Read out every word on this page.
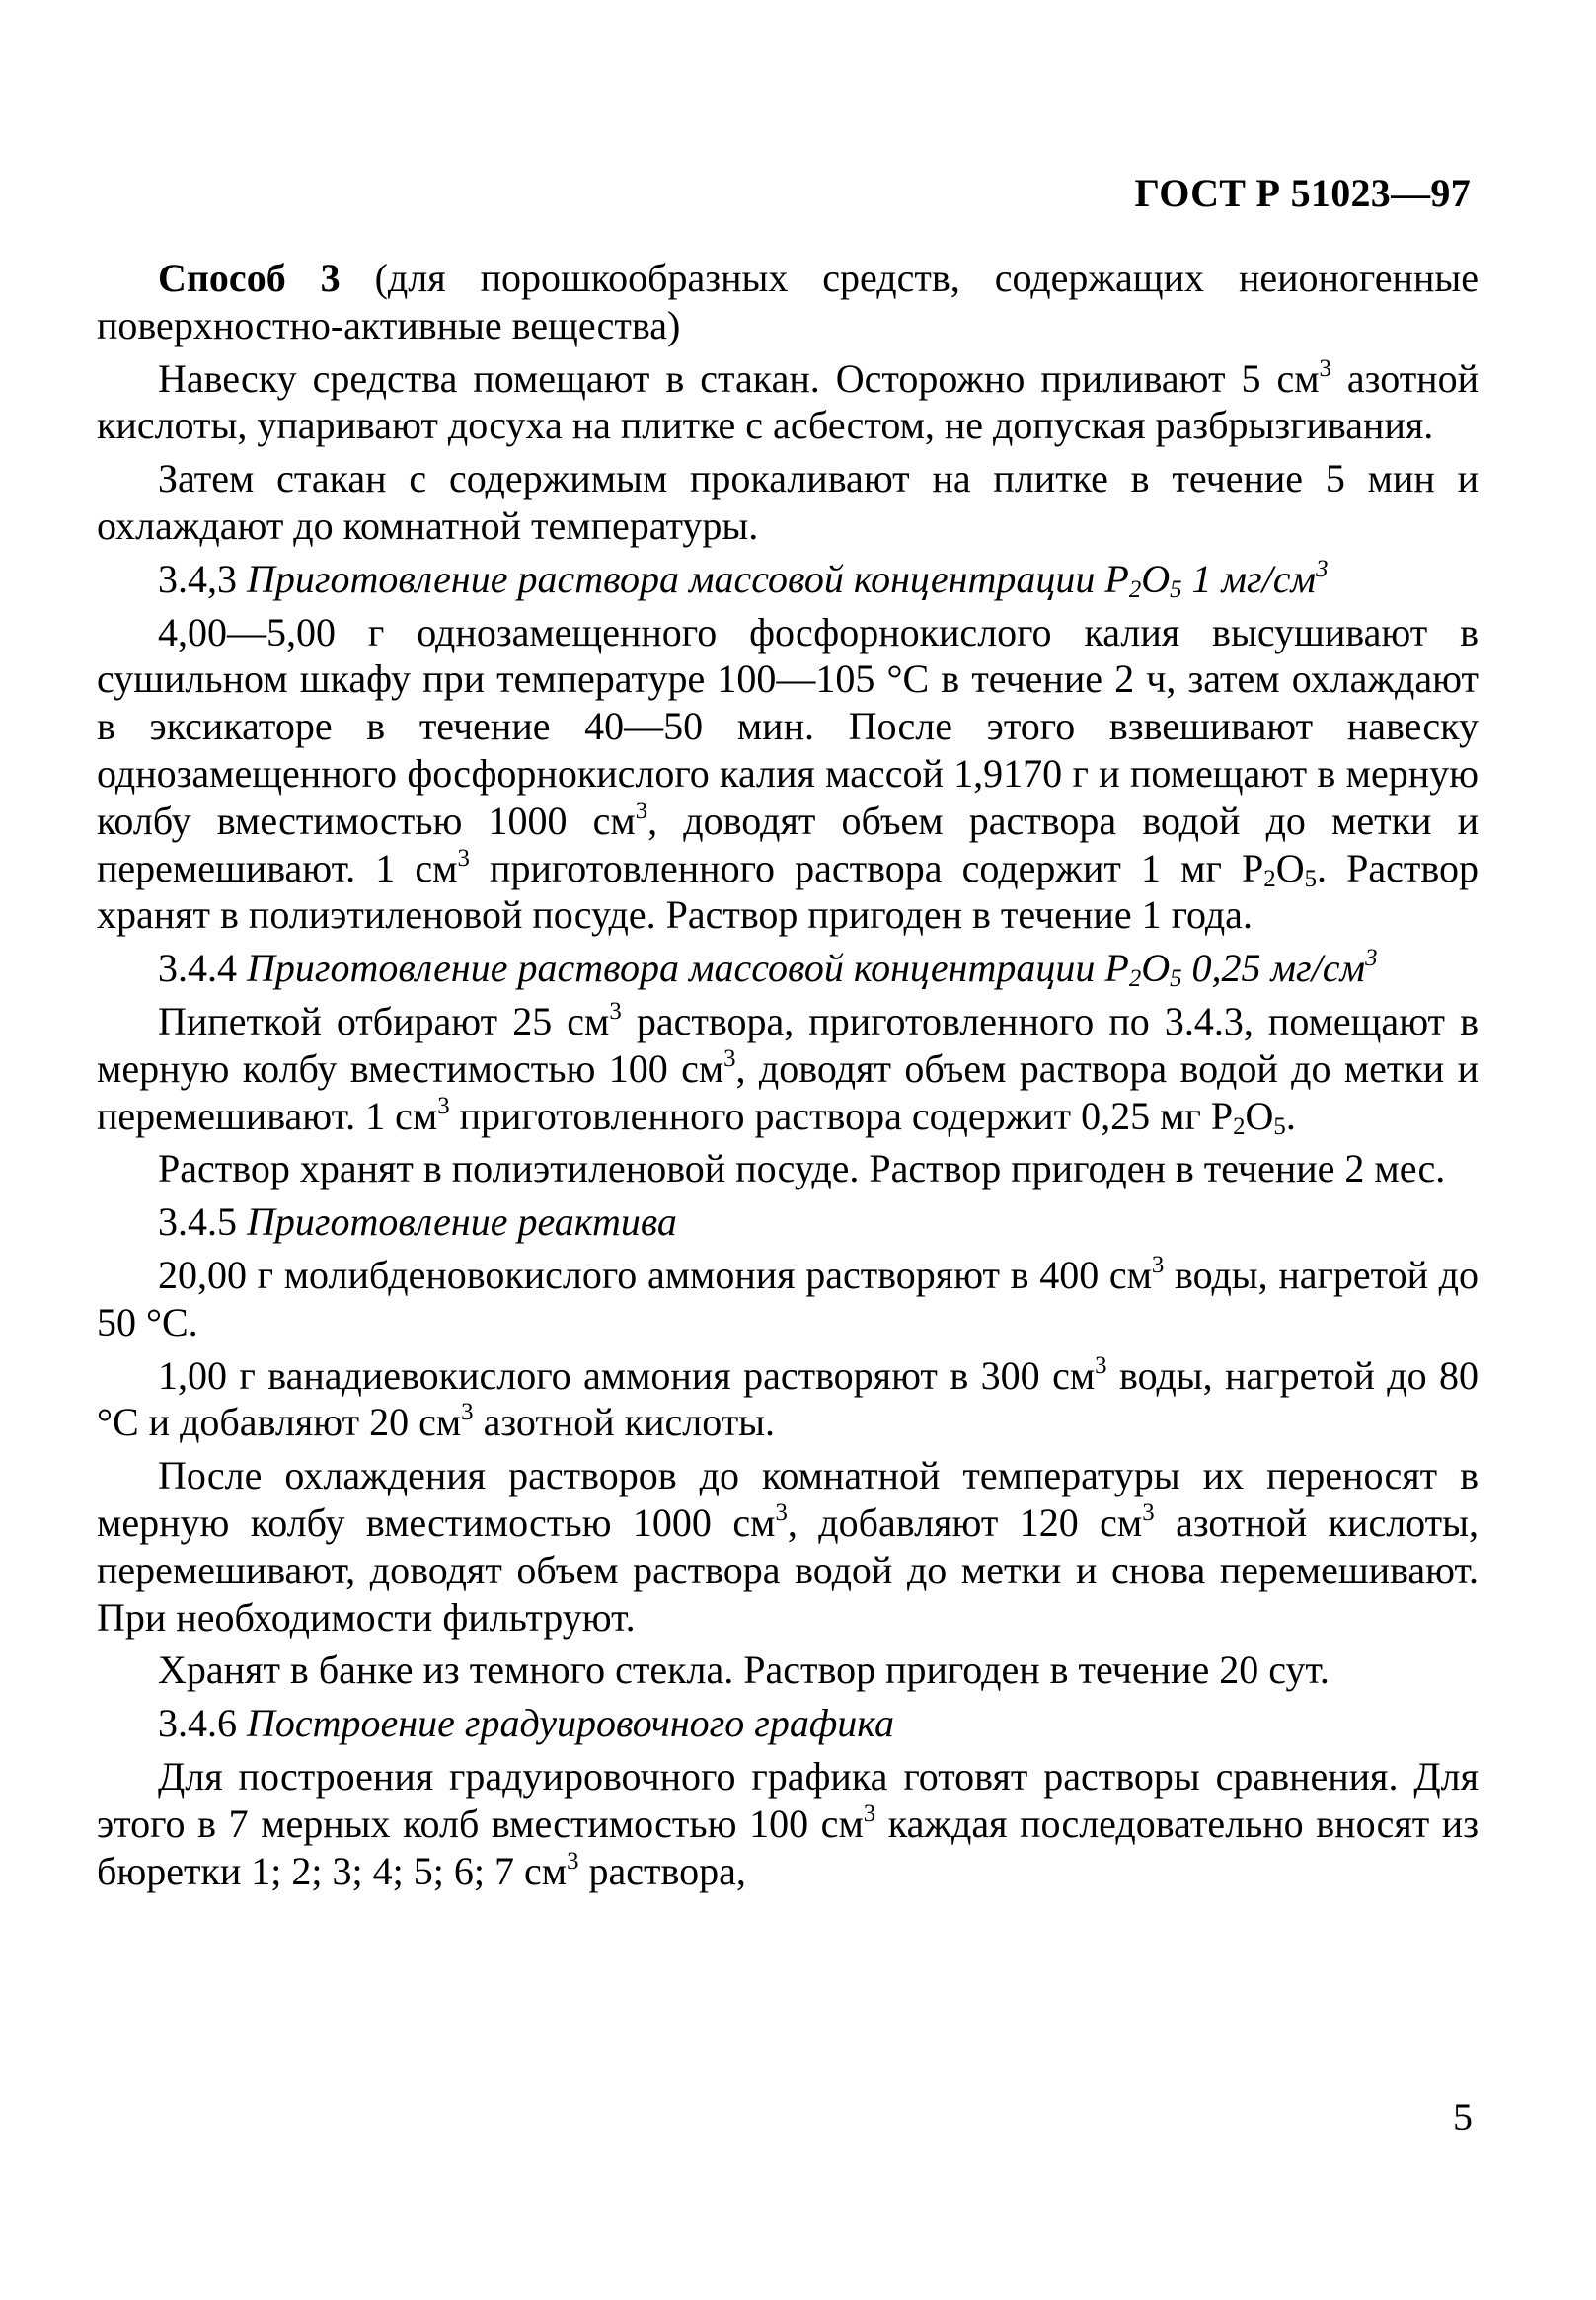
ГОСТ Р 51023—97

Способ 3 (для порошкообразных средств, содержащих неионогенные поверхностно-активные вещества)

Навеску средства помещают в стакан. Осторожно приливают 5 $см^3$ азотной кислоты, упаривают досуха на плитке с асбестом, не допуская разбрызгивания.

Затем стакан с содержимым прокаливают на плитке в течение 5 мин и охлаждают до комнатной температуры.

3.4,3 Приготовление раствора массовой концентрации $P_2O_5$ 1 $мг/см^3$

4,00—5,00 г однозамещенного фосфорнокислого калия высушивают в сушильном шкафу при температуре 100—105 °С в течение 2 ч, затем охлаждают в эксикаторе в течение 40—50 мин. После этого взвешивают навеску однозамещенного фосфорнокислого калия массой 1,9170 г и помещают в мерную колбу вместимостью 1000 $см^3$, доводят объем раствора водой до метки и перемешивают. 1 $см^3$ приготовленного раствора содержит 1 мг $P_2O_5$. Раствор хранят в полиэтиленовой посуде. Раствор пригоден в течение 1 года.

3.4.4 Приготовление раствора массовой концентрации $P_2O_5$ 0,25 $мг/см^3$

Пипеткой отбирают 25 $см^3$ раствора, приготовленного по 3.4.3, помещают в мерную колбу вместимостью 100 $см^3$, доводят объем раствора водой до метки и перемешивают. 1 $см^3$ приготовленного раствора содержит 0,25 мг $P_2O_5$.

Раствор хранят в полиэтиленовой посуде. Раствор пригоден в течение 2 мес.

3.4.5 Приготовление реактива

20,00 г молибденовокислого аммония растворяют в 400 $см^3$ воды, нагретой до 50 °С.

1,00 г ванадиевокислого аммония растворяют в 300 $см^3$ воды, нагретой до 80 °С и добавляют 20 $см^3$ азотной кислоты.

После охлаждения растворов до комнатной температуры их переносят в мерную колбу вместимостью 1000 $см^3$, добавляют 120 $см^3$ азотной кислоты, перемешивают, доводят объем раствора водой до метки и снова перемешивают. При необходимости фильтруют.

Хранят в банке из темного стекла. Раствор пригоден в течение 20 сут.

3.4.6 Построение градуировочного графика

Для построения градуировочного графика готовят растворы сравнения. Для этого в 7 мерных колб вместимостью 100 $см^3$ каждая последовательно вносят из бюретки 1; 2; 3; 4; 5; 6; 7 $см^3$ раствора,

5
